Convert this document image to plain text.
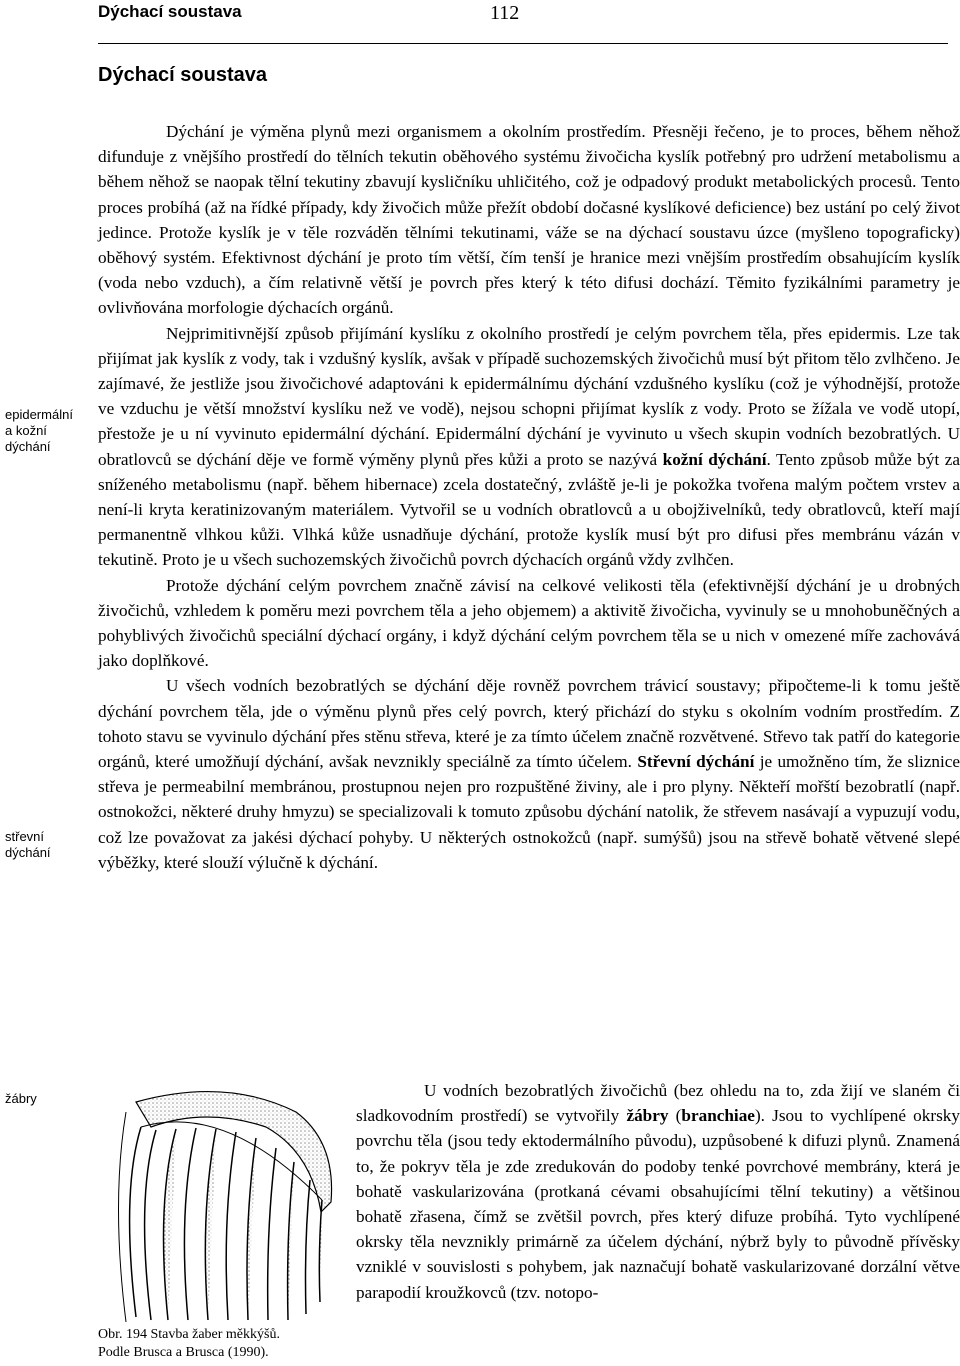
Dýchací soustava	112
Dýchací soustava
epidermální
a kožní
dýchání
střevní
dýchání
žábry

Dýchání je výměna plynů mezi organismem a okolním prostředím. Přesněji řečeno, je to proces, během něhož difunduje z vnějšího prostředí do tělních tekutin oběhového systému živočicha kyslík potřebný pro udržení metabolismu a během něhož se naopak tělní tekutiny zbavují kysličníku uhličitého, což je odpadový produkt metabolických procesů. Tento proces probíhá (až na řídké případy, kdy živočich může přežít období dočasné kyslíkové deficience) bez ustání po celý život jedince. Protože kyslík je v těle rozváděn tělními tekutinami, váže se na dýchací soustavu úzce (myšleno topograficky) oběhový systém. Efektivnost dýchání je proto tím větší, čím tenší je hranice mezi vnějším prostředím obsahujícím kyslík (voda nebo vzduch), a čím relativně větší je povrch přes který k této difusi dochází. Těmito fyzikálními parametry je ovlivňována morfologie dýchacích orgánů.

Nejprimitivnější způsob přijímání kyslíku z okolního prostředí je celým povrchem těla, přes epidermis. Lze tak přijímat jak kyslík z vody, tak i vzdušný kyslík, avšak v případě suchozemských živočichů musí být přitom tělo zvlhčeno. Je zajímavé, že jestliže jsou živočichové adaptováni k epidermálnímu dýchání vzdušného kyslíku (což je výhodnější, protože ve vzduchu je větší množství kyslíku než ve vodě), nejsou schopni přijímat kyslík z vody. Proto se žížala ve vodě utopí, přestože je u ní vyvinuto epidermální dýchání. Epidermální dýchání je vyvinuto u všech skupin vodních bezobratlých. U obratlovců se dýchání děje ve formě výměny plynů přes kůži a proto se nazývá kožní dýchání. Tento způsob může být za sníženého metabolismu (např. během hibernace) zcela dostatečný, zvláště je-li je pokožka tvořena malým počtem vrstev a není-li kryta keratinizovaným materiálem. Vytvořil se u vodních obratlovců a u obojživelníků, tedy obratlovců, kteří mají permanentně vlhkou kůži. Vlhká kůže usnadňuje dýchání, protože kyslík musí být pro difusi přes membránu vázán v tekutině. Proto je u všech suchozemských živočichů povrch dýchacích orgánů vždy zvlhčen.

Protože dýchání celým povrchem značně závisí na celkové velikosti těla (efektivnější dýchání je u drobných živočichů, vzhledem k poměru mezi povrchem těla a jeho objemem) a aktivitě živočicha, vyvinuly se u mnohobuněčných a pohyblivých živočichů speciální dýchací orgány, i když dýchání celým povrchem těla se u nich v omezené míře zachovává jako doplňkové.

U všech vodních bezobratlých se dýchání děje rovněž povrchem trávicí soustavy; připočteme-li k tomu ještě dýchání povrchem těla, jde o výměnu plynů přes celý povrch, který přichází do styku s okolním vodním prostředím. Z tohoto stavu se vyvinulo dýchání přes stěnu střeva, které je za tímto účelem značně rozvětvené. Střevo tak patří do kategorie orgánů, které umožňují dýchání, avšak nevznikly speciálně za tímto účelem. Střevní dýchání je umožněno tím, že sliznice střeva je permeabilní membránou, prostupnou nejen pro rozpuštěné živiny, ale i pro plyny. Někteří mořští bezobratlí (např. ostnokožci, některé druhy hmyzu) se specializovali k tomuto způsobu dýchání natolik, že střevem nasávají a vypuzují vodu, což lze považovat za jakési dýchací pohyby. U některých ostnokožců (např. sumýšů) jsou na střevě bohatě větvené slepé výběžky, které slouží výlučně k dýchání.

Obr. 194 Stavba žaber měkkýšů.
Podle Brusca a Brusca (1990).

U vodních bezobratlých živočichů (bez ohledu na to, zda žijí ve slaném či sladkovodním prostředí) se vytvořily žábry (branchiae). Jsou to vychlípené okrsky povrchu těla (jsou tedy ektodermálního původu), uzpůsobené k difuzi plynů. Znamená to, že pokryv těla je zde zredukován do podoby tenké povrchové membrány, která je bohatě vaskularizována (protkaná cévami obsahujícími tělní tekutiny) a většinou bohatě zřasena, čímž se zvětšil povrch, přes který difuze probíhá. Tyto vychlípené okrsky těla nevznikly primárně za účelem dýchání, nýbrž byly to původně přívěsky vzniklé v souvislosti s pohybem, jak naznačují bohatě vaskularizované dorzální větve parapodií kroužkovců (tzv. notopo-
